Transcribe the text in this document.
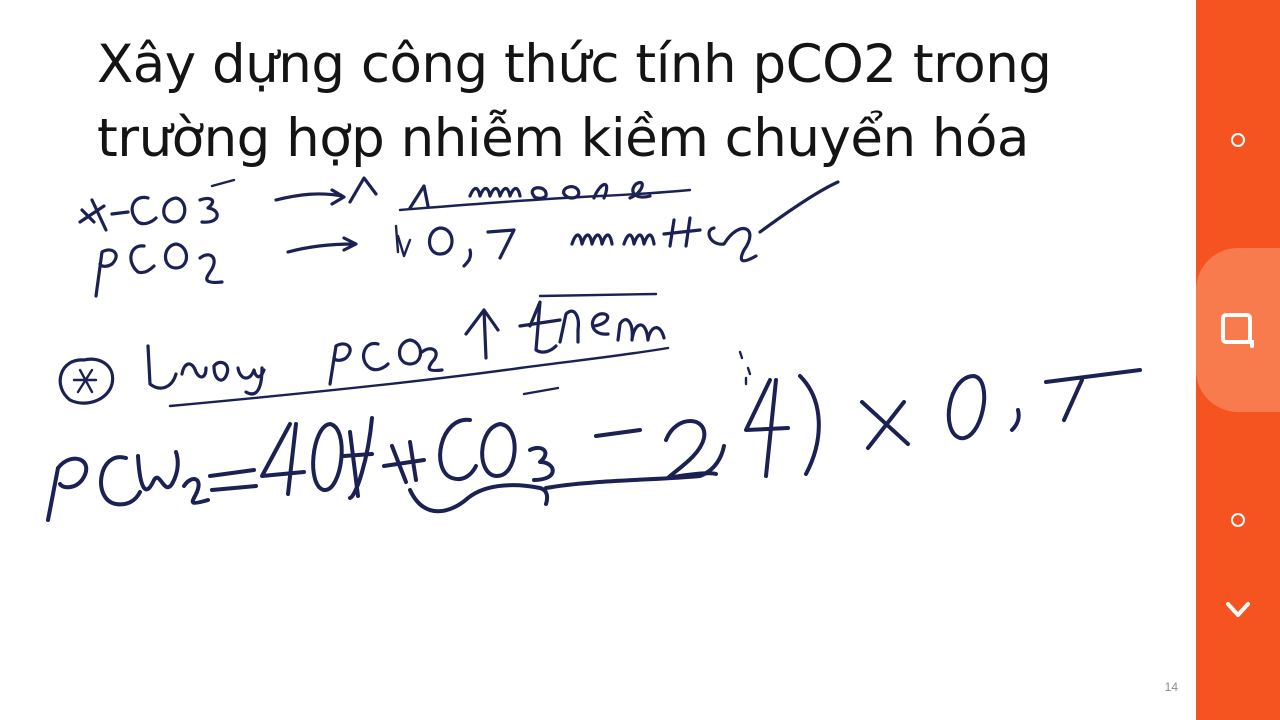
Xây dựng công thức tính pCO2 trong
trường hợp nhiễm kiềm chuyển hóa
14
